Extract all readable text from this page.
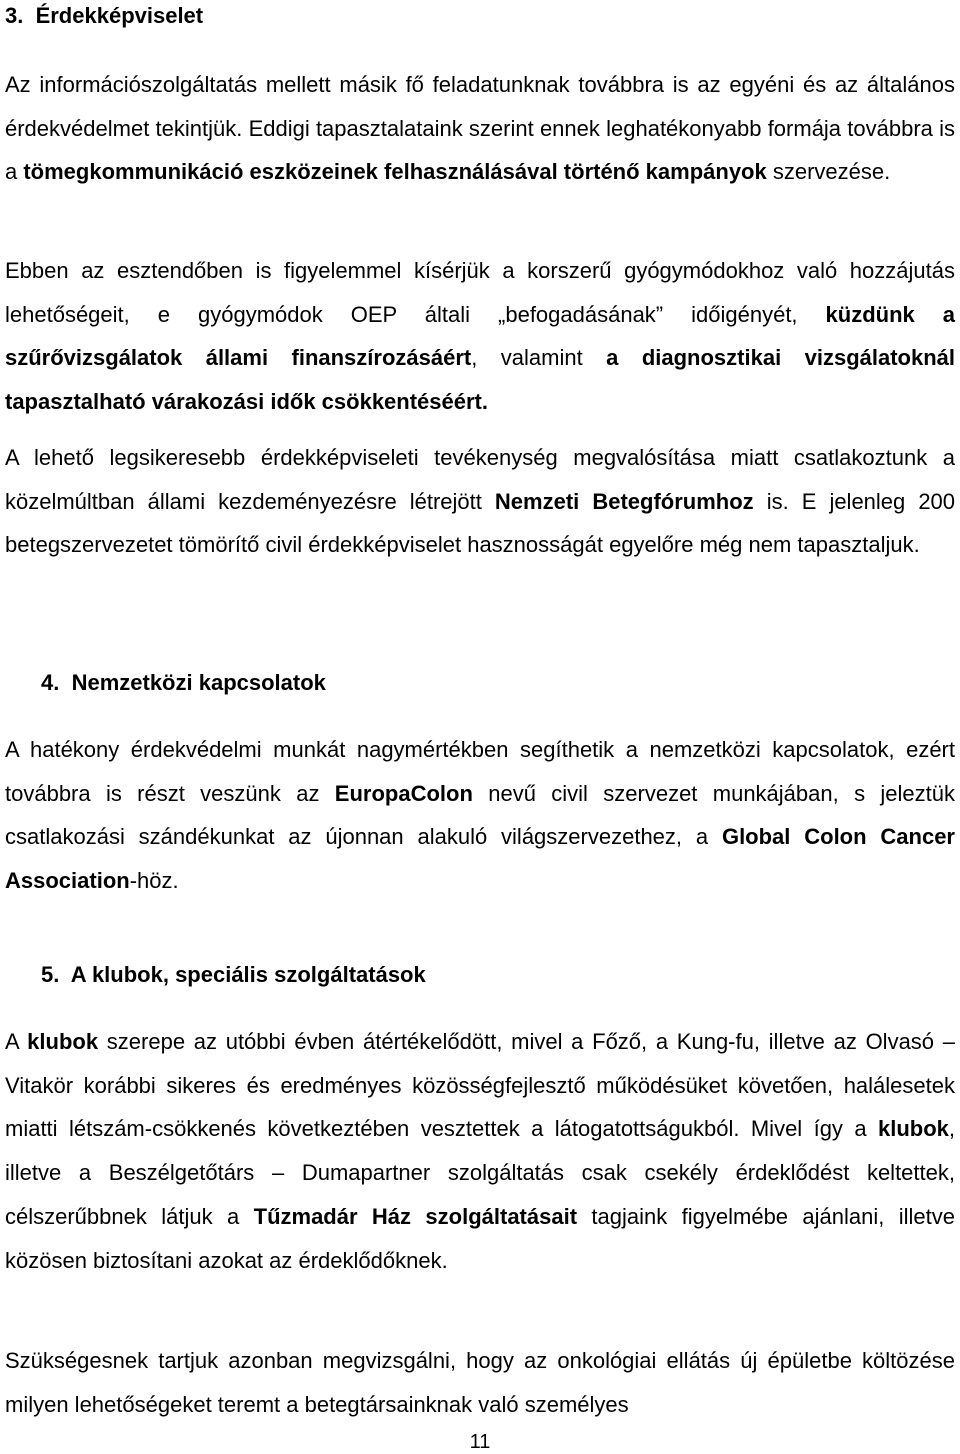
3.  Érdekképviselet

Az információszolgáltatás mellett másik fő feladatunknak továbbra is az egyéni és az általános érdekvédelmet tekintjük. Eddigi tapasztalataink szerint ennek leghatékonyabb formája továbbra is a tömegkommunikáció eszközeinek felhasználásával történő kampányok szervezése.

Ebben az esztendőben is figyelemmel kísérjük a korszerű gyógymódokhoz való hozzájutás lehetőségeit, e gyógymódok OEP általi „befogadásának” időigényét, küzdünk a szűrővizsgálatok állami finanszírozásáért, valamint a diagnosztikai vizsgálatoknál tapasztalható várakozási idők csökkentéséért.

A lehető legsikeresebb érdekképviseleti tevékenység megvalósítása miatt csatlakoztunk a közelmúltban állami kezdeményezésre létrejött Nemzeti Betegfórumhoz is. E jelenleg 200 betegszervezetet tömörítő civil érdekképviselet hasznosságát egyelőre még nem tapasztaljuk.

4.  Nemzetközi kapcsolatok

A hatékony érdekvédelmi munkát nagymértékben segíthetik a nemzetközi kapcsolatok, ezért továbbra is részt veszünk az EuropaColon nevű civil szervezet munkájában, s jeleztük csatlakozási szándékunkat az újonnan alakuló világszervezethez, a Global Colon Cancer Association-höz.

5.  A klubok, speciális szolgáltatások

A klubok szerepe az utóbbi évben átértékelődött, mivel a Főző, a Kung-fu, illetve az Olvasó – Vitakör korábbi sikeres és eredményes közösségfejlesztő működésüket követően, halálesetek miatti létszám-csökkenés következtében vesztettek a látogatottságukból. Mivel így a klubok, illetve a Beszélgetőtárs – Dumapartner szolgáltatás csak csekély érdeklődést keltettek, célszerűbbnek látjuk a Tűzmadár Ház szolgáltatásait tagjaink figyelmébe ajánlani, illetve közösen biztosítani azokat az érdeklődőknek.

Szükségesnek tartjuk azonban megvizsgálni, hogy az onkológiai ellátás új épületbe költözése milyen lehetőségeket teremt a betegtársainknak való személyes

11
